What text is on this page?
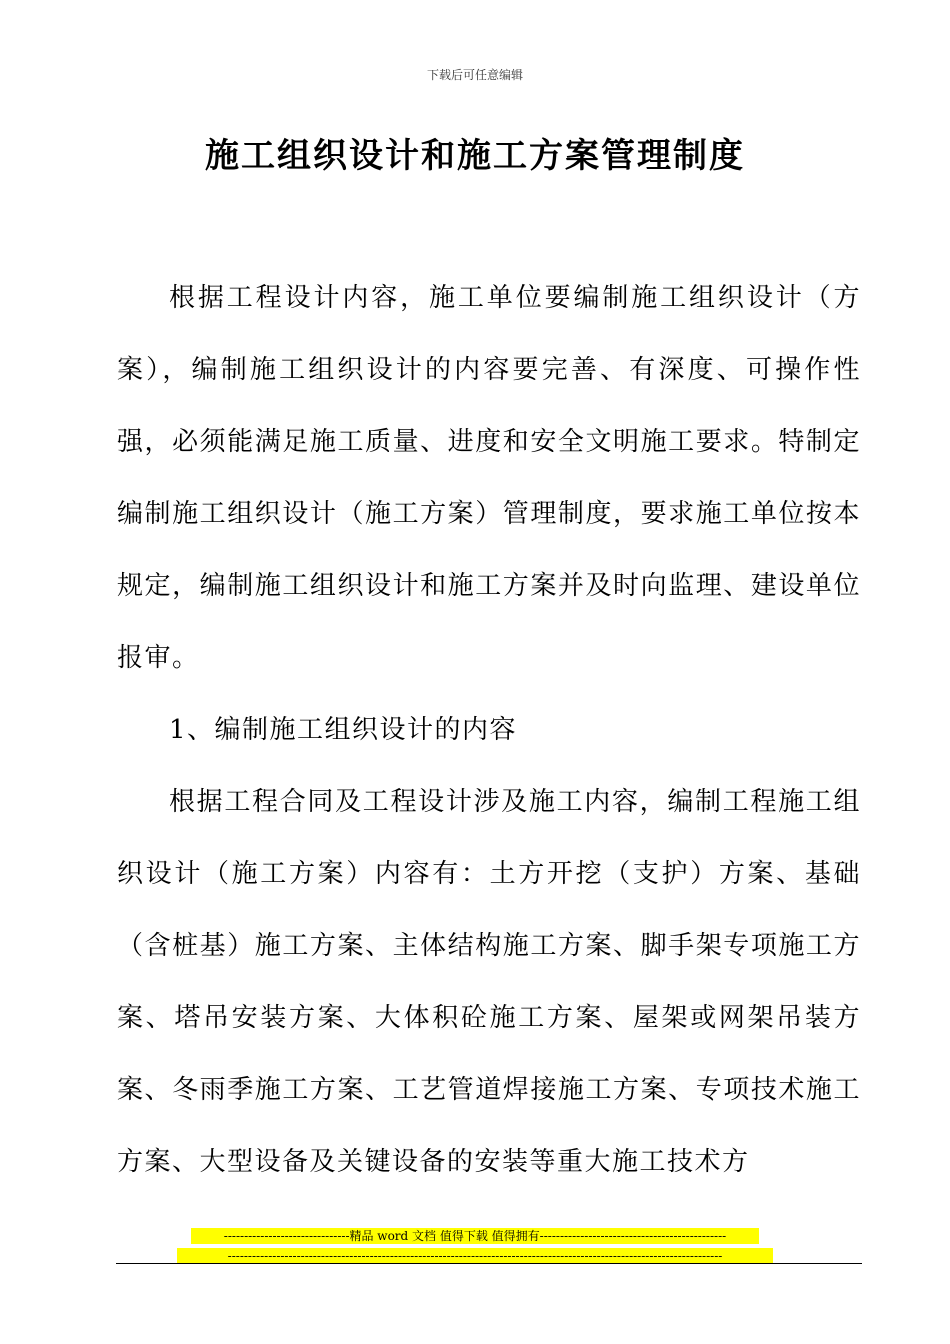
下载后可任意编辑
施工组织设计和施工方案管理制度

根据工程设计内容，施工单位要编制施工组织设计（方案），编制施工组织设计的内容要完善、有深度、可操作性强，必须能满足施工质量、进度和安全文明施工要求。特制定编制施工组织设计（施工方案）管理制度，要求施工单位按本规定，编制施工组织设计和施工方案并及时向监理、建设单位报审。

1、编制施工组织设计的内容

根据工程合同及工程设计涉及施工内容，编制工程施工组织设计（施工方案）内容有：土方开挖（支护）方案、基础（含桩基）施工方案、主体结构施工方案、脚手架专项施工方案、塔吊安装方案、大体积砼施工方案、屋架或网架吊装方案、冬雨季施工方案、工艺管道焊接施工方案、专项技术施工方案、大型设备及关键设备的安装等重大施工技术方

-------------------------------精品 word 文档 值得下载 值得拥有----------------------------------------------
--------------------------------------------------------------------------------------------------------------------------
